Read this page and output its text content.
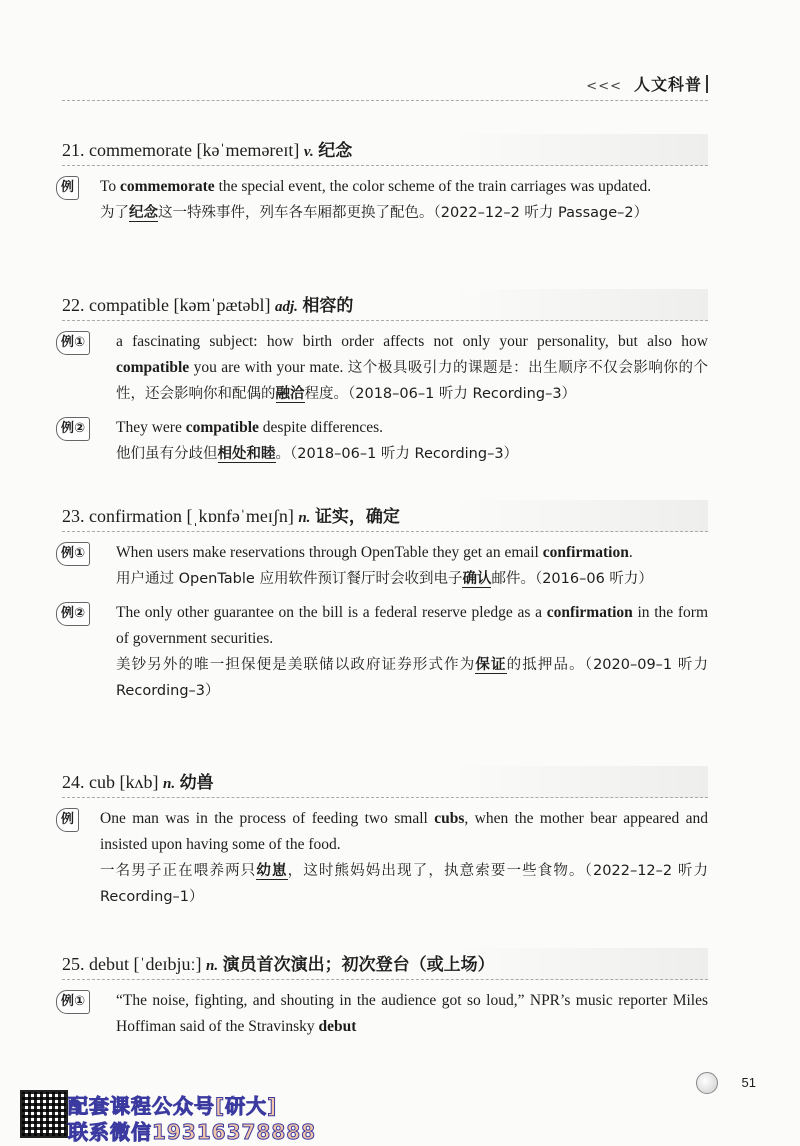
<<< 人文科普
21. commemorate [kəˈmeməreɪt] v. 纪念
例	To commemorate the special event, the color scheme of the train carriages was updated.
为了纪念这一特殊事件，列车各车厢都更换了配色。（2022–12–2 听力 Passage–2）
22. compatible [kəmˈpætəbl] adj. 相容的
例①	a fascinating subject: how birth order affects not only your personality, but also how compatible you are with your mate. 这个极具吸引力的课题是：出生顺序不仅会影响你的个性，还会影响你和配偶的融洽程度。（2018–06–1 听力 Recording–3）
例②	They were compatible despite differences.
他们虽有分歧但相处和睦。（2018–06–1 听力 Recording–3）
23. confirmation [ˌkɒnfəˈmeɪʃn] n. 证实，确定
例①	When users make reservations through OpenTable they get an email confirmation.
用户通过 OpenTable 应用软件预订餐厅时会收到电子确认邮件。（2016–06 听力）
例②	The only other guarantee on the bill is a federal reserve pledge as a confirmation in the form of government securities.
美钞另外的唯一担保便是美联储以政府证券形式作为保证的抵押品。（2020–09–1 听力 Recording–3）
24. cub [kʌb] n. 幼兽
例	One man was in the process of feeding two small cubs, when the mother bear appeared and insisted upon having some of the food.
一名男子正在喂养两只幼崽，这时熊妈妈出现了，执意索要一些食物。（2022–12–2 听力 Recording–1）
25. debut [ˈdeɪbjuː] n. 演员首次演出；初次登台（或上场）
例①	“The noise, fighting, and shouting in the audience got so loud,” NPR’s music reporter Miles Hoffiman said of the Stravinsky debut
51
配套课程公众号[研大]
联系微信19316378888
